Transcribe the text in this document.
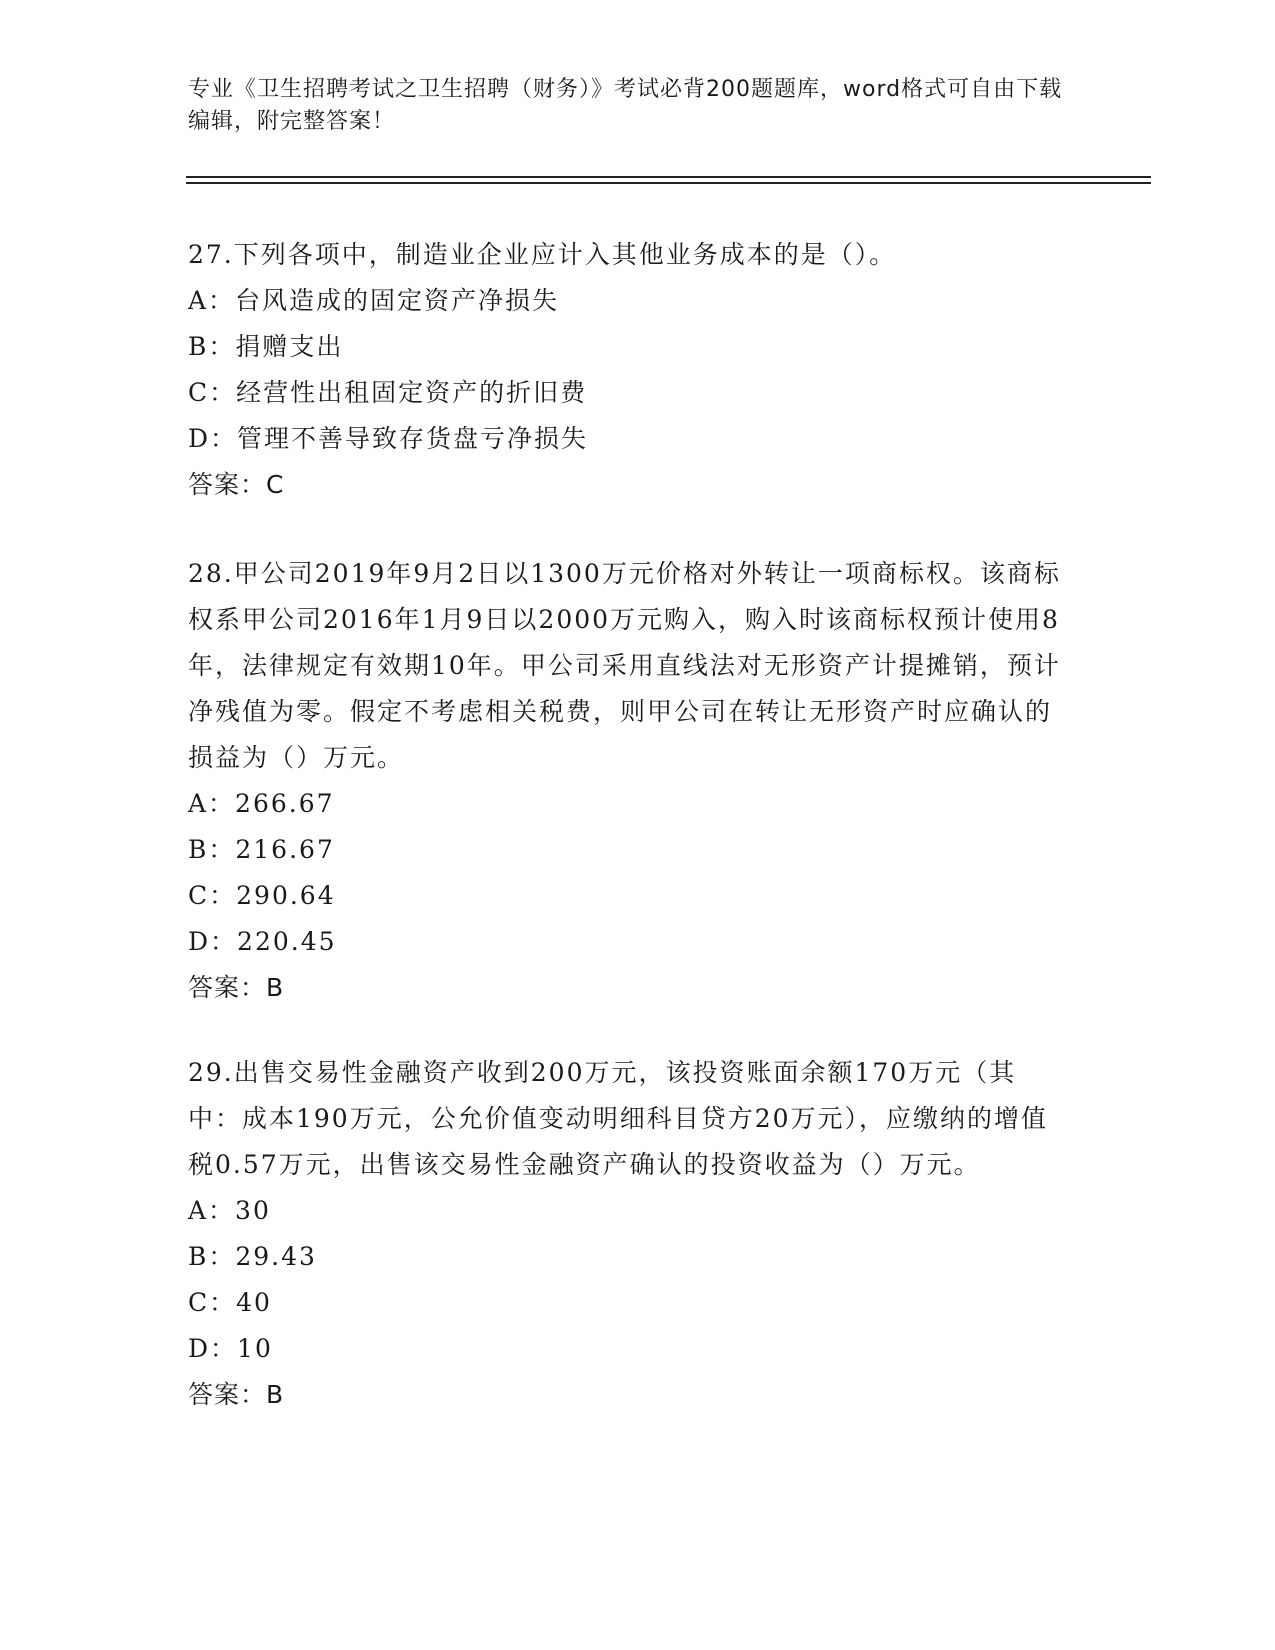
专业《卫生招聘考试之卫生招聘（财务）》考试必背200题题库，word格式可自由下载编辑，附完整答案！

27.下列各项中，制造业企业应计入其他业务成本的是（）。

A：台风造成的固定资产净损失

B：捐赠支出

C：经营性出租固定资产的折旧费

D：管理不善导致存货盘亏净损失

答案：C

28.甲公司2019年9月2日以1300万元价格对外转让一项商标权。该商标权系甲公司2016年1月9日以2000万元购入，购入时该商标权预计使用8年，法律规定有效期10年。甲公司采用直线法对无形资产计提摊销，预计净残值为零。假定不考虑相关税费，则甲公司在转让无形资产时应确认的损益为（）万元。

A：266.67

B：216.67

C：290.64

D：220.45

答案：B

29.出售交易性金融资产收到200万元，该投资账面余额170万元（其中：成本190万元，公允价值变动明细科目贷方20万元），应缴纳的增值税0.57万元，出售该交易性金融资产确认的投资收益为（）万元。

A：30

B：29.43

C：40

D：10

答案：B
